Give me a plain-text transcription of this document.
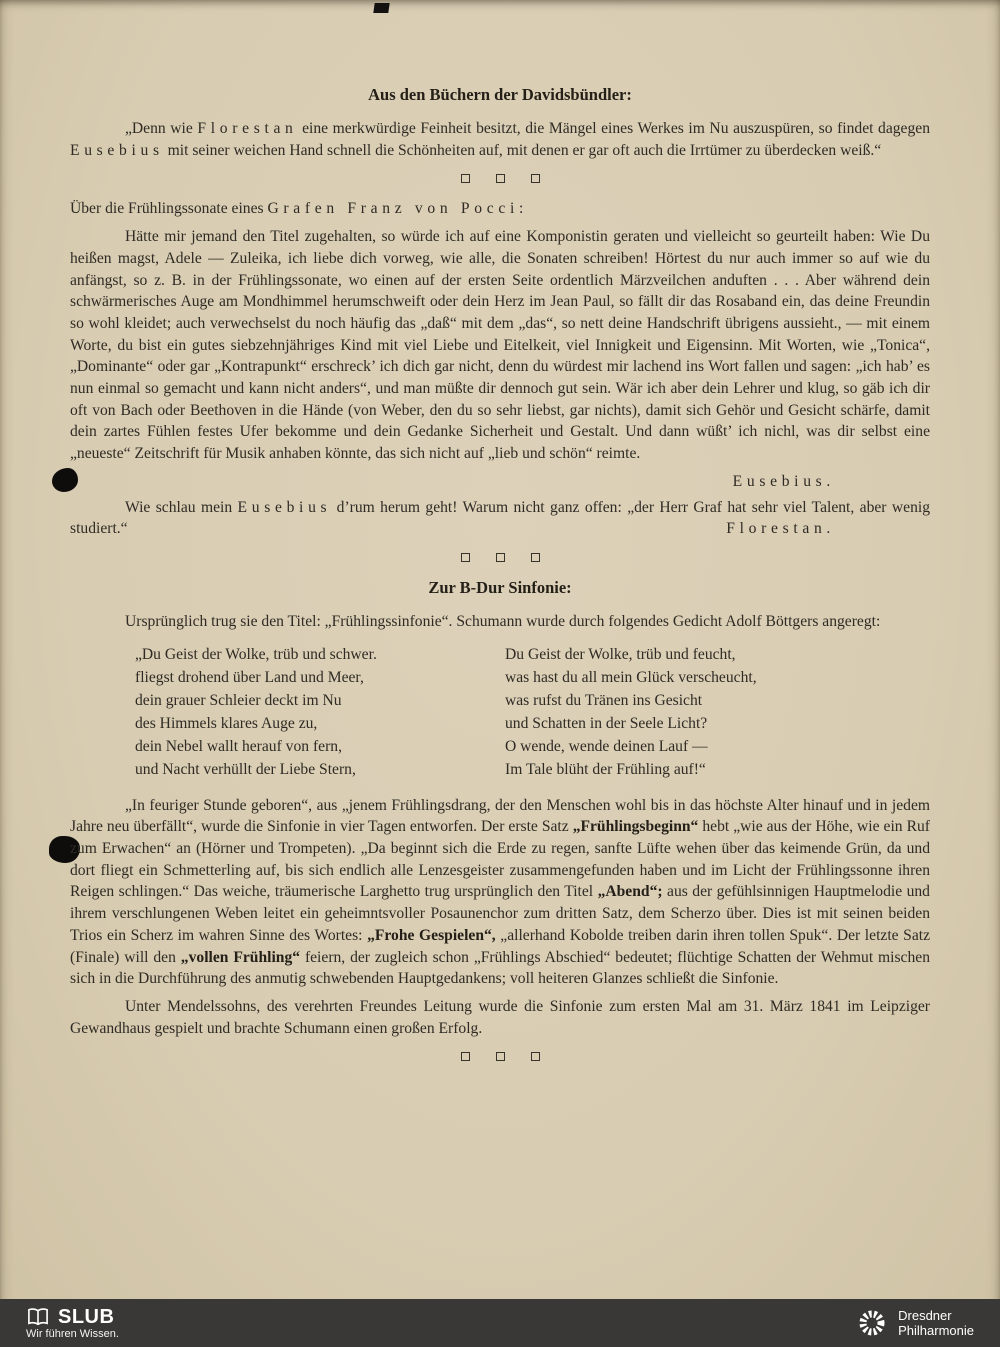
Aus den Büchern der Davidsbündler:

„Denn wie Florestan eine merkwürdige Feinheit besitzt, die Mängel eines Werkes im Nu auszuspüren, so findet dagegen Eusebius mit seiner weichen Hand schnell die Schönheiten auf, mit denen er gar oft auch die Irrtümer zu überdecken weiß.“

Über die Frühlingssonate eines Grafen Franz von Pocci:

Hätte mir jemand den Titel zugehalten, so würde ich auf eine Komponistin geraten und vielleicht so geurteilt haben: Wie Du heißen magst, Adele — Zuleika, ich liebe dich vorweg, wie alle, die Sonaten schreiben! Hörtest du nur auch immer so auf wie du anfängst, so z. B. in der Frühlingssonate, wo einen auf der ersten Seite ordentlich Märzveilchen anduften . . . Aber während dein schwärmerisches Auge am Mondhimmel herumschweift oder dein Herz im Jean Paul, so fällt dir das Rosaband ein, das deine Freundin so wohl kleidet; auch verwechselst du noch häufig das „daß“ mit dem „das“, so nett deine Handschrift übrigens aussieht., — mit einem Worte, du bist ein gutes siebzehnjähriges Kind mit viel Liebe und Eitelkeit, viel Innigkeit und Eigensinn. Mit Worten, wie „Tonica“, „Dominante“ oder gar „Kontrapunkt“ erschreck’ ich dich gar nicht, denn du würdest mir lachend ins Wort fallen und sagen: „ich hab’ es nun einmal so gemacht und kann nicht anders“, und man müßte dir dennoch gut sein. Wär ich aber dein Lehrer und klug, so gäb ich dir oft von Bach oder Beethoven in die Hände (von Weber, den du so sehr liebst, gar nichts), damit sich Gehör und Gesicht schärfe, damit dein zartes Fühlen festes Ufer bekomme und dein Gedanke Sicherheit und Gestalt. Und dann wüßt’ ich nichl, was dir selbst eine „neueste“ Zeitschrift für Musik anhaben könnte, das sich nicht auf „lieb und schön“ reimte.

Eusebius.

Wie schlau mein Eusebius d’rum herum geht! Warum nicht ganz offen: „der Herr Graf hat sehr viel Talent, aber wenig studiert.“	Florestan.
Zur B-Dur Sinfonie:

Ursprünglich trug sie den Titel: „Frühlingssinfonie“. Schumann wurde durch folgendes Gedicht Adolf Böttgers angeregt:

„Du Geist der Wolke, trüb und schwer.
fliegst drohend über Land und Meer,
dein grauer Schleier deckt im Nu
des Himmels klares Auge zu,
dein Nebel wallt herauf von fern,
und Nacht verhüllt der Liebe Stern,
Du Geist der Wolke, trüb und feucht,
was hast du all mein Glück verscheucht,
was rufst du Tränen ins Gesicht
und Schatten in der Seele Licht?
O wende, wende deinen Lauf —
Im Tale blüht der Frühling auf!“

„In feuriger Stunde geboren“, aus „jenem Frühlingsdrang, der den Menschen wohl bis in das höchste Alter hinauf und in jedem Jahre neu überfällt“, wurde die Sinfonie in vier Tagen entworfen. Der erste Satz „Frühlingsbeginn“ hebt „wie aus der Höhe, wie ein Ruf zum Erwachen“ an (Hörner und Trompeten). „Da beginnt sich die Erde zu regen, sanfte Lüfte wehen über das keimende Grün, da und dort fliegt ein Schmetterling auf, bis sich endlich alle Lenzesgeister zusammengefunden haben und im Licht der Frühlingssonne ihren Reigen schlingen.“ Das weiche, träumerische Larghetto trug ursprünglich den Titel „Abend“; aus der gefühlsinnigen Hauptmelodie und ihrem verschlungenen Weben leitet ein geheimntsvoller Posaunenchor zum dritten Satz, dem Scherzo über. Dies ist mit seinen beiden Trios ein Scherz im wahren Sinne des Wortes: „Frohe Gespielen“, „allerhand Kobolde treiben darin ihren tollen Spuk“. Der letzte Satz (Finale) will den „vollen Frühling“ feiern, der zugleich schon „Frühlings Abschied“ bedeutet; flüchtige Schatten der Wehmut mischen sich in die Durchführung des anmutig schwebenden Hauptgedankens; voll heiteren Glanzes schließt die Sinfonie.

Unter Mendelssohns, des verehrten Freundes Leitung wurde die Sinfonie zum ersten Mal am 31. März 1841 im Leipziger Gewandhaus gespielt und brachte Schumann einen großen Erfolg.

SLUB
Wir führen Wissen.
Dresdner
Philharmonie
